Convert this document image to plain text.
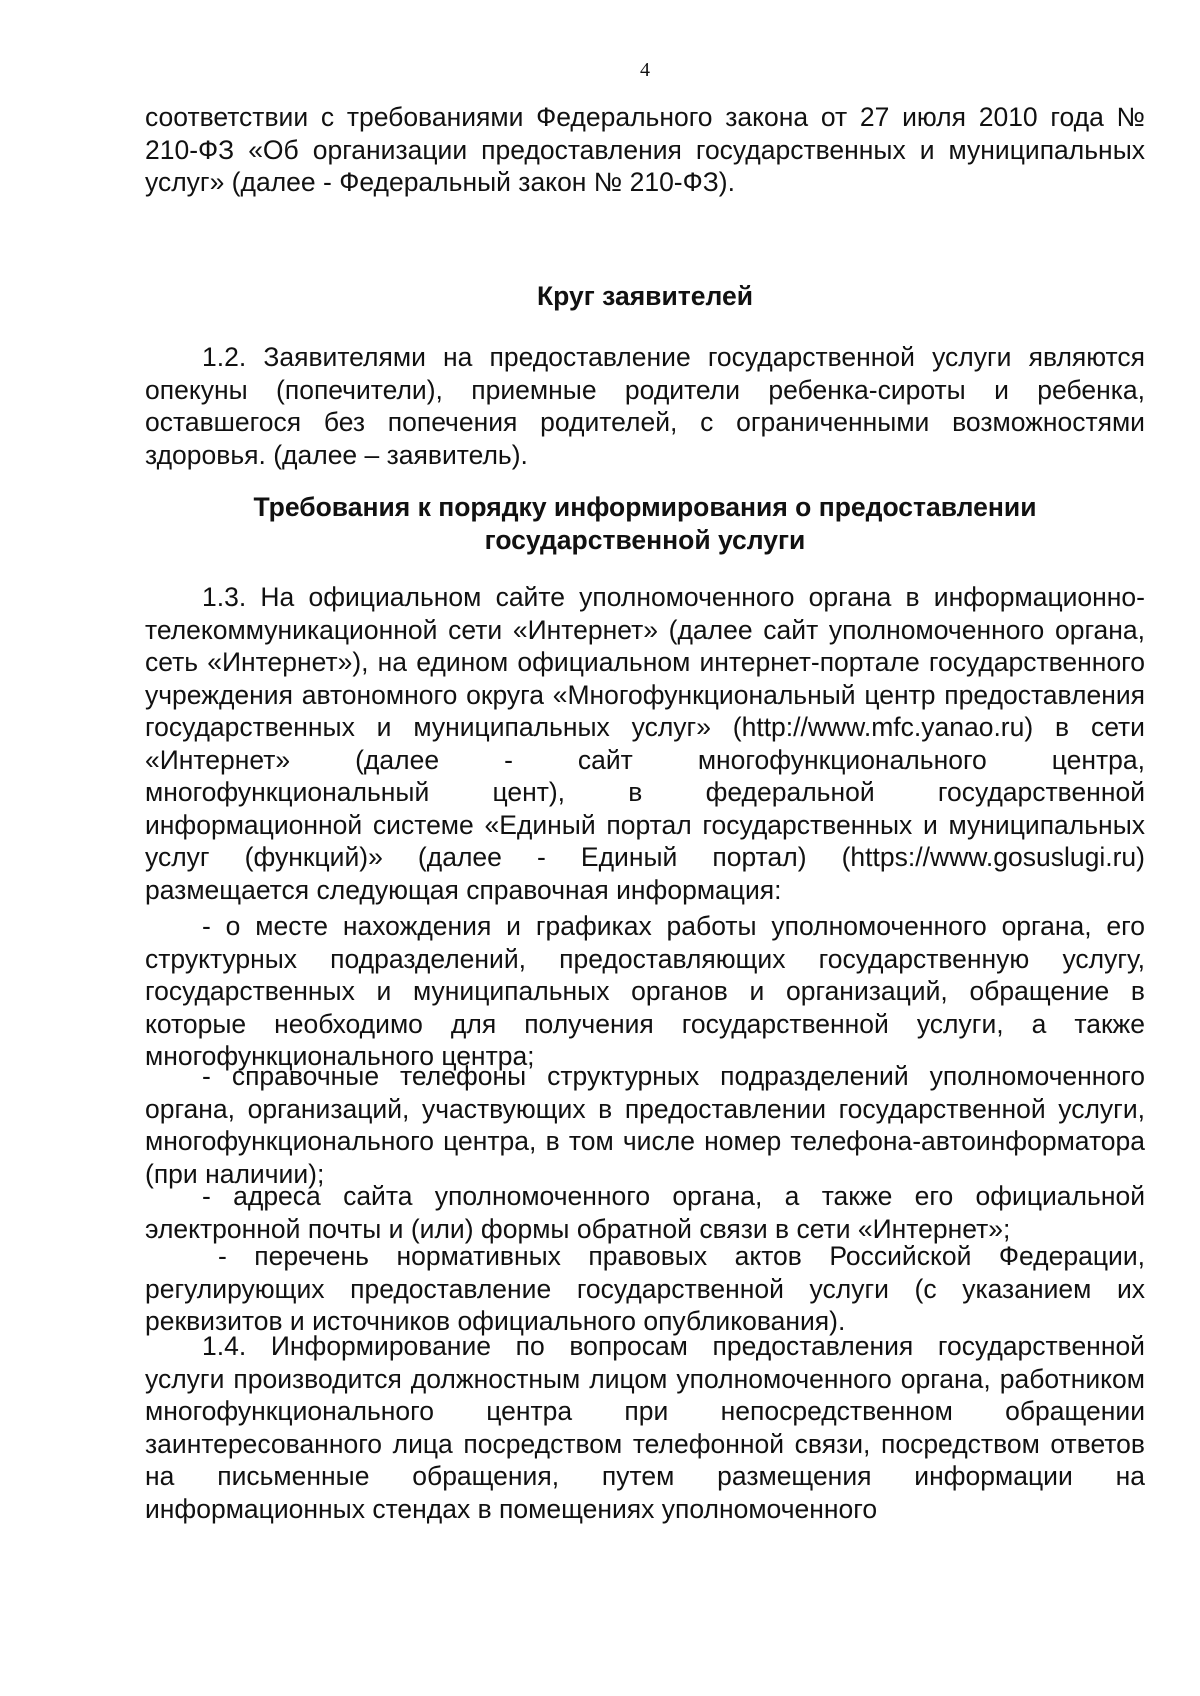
4

соответствии с требованиями Федерального закона от 27 июля 2010 года № 210-ФЗ «Об организации предоставления государственных и муниципальных услуг» (далее - Федеральный закон № 210-ФЗ).

Круг заявителей

1.2. Заявителями на предоставление государственной услуги являются опекуны (попечители), приемные родители ребенка-сироты и ребенка, оставшегося без попечения родителей, с ограниченными возможностями здоровья. (далее – заявитель).

Требования к порядку информирования о предоставлении государственной услуги

1.3. На официальном сайте уполномоченного органа в информационно-телекоммуникационной сети «Интернет» (далее сайт уполномоченного органа, сеть «Интернет»), на едином официальном интернет-портале государственного учреждения автономного округа «Многофункциональный центр предоставления государственных и муниципальных услуг» (http://www.mfc.yanao.ru) в сети «Интернет» (далее - сайт многофункционального центра, многофункциональный цент), в федеральной государственной информационной системе «Единый портал государственных и муниципальных услуг (функций)» (далее - Единый портал) (https://www.gosuslugi.ru) размещается следующая справочная информация:

- о месте нахождения и графиках работы уполномоченного органа, его структурных подразделений, предоставляющих государственную услугу, государственных и муниципальных органов и организаций, обращение в которые необходимо для получения государственной услуги, а также многофункционального центра;

- справочные телефоны структурных подразделений уполномоченного органа, организаций, участвующих в предоставлении государственной услуги, многофункционального центра, в том числе номер телефона-автоинформатора (при наличии);

- адреса сайта уполномоченного органа, а также его официальной электронной почты и (или) формы обратной связи в сети «Интернет»;

- перечень нормативных правовых актов Российской Федерации, регулирующих предоставление государственной услуги (с указанием их реквизитов и источников официального опубликования).

1.4. Информирование по вопросам предоставления государственной услуги производится должностным лицом уполномоченного органа, работником многофункционального центра при непосредственном обращении заинтересованного лица посредством телефонной связи, посредством ответов на письменные обращения, путем размещения информации на информационных стендах в помещениях уполномоченного
